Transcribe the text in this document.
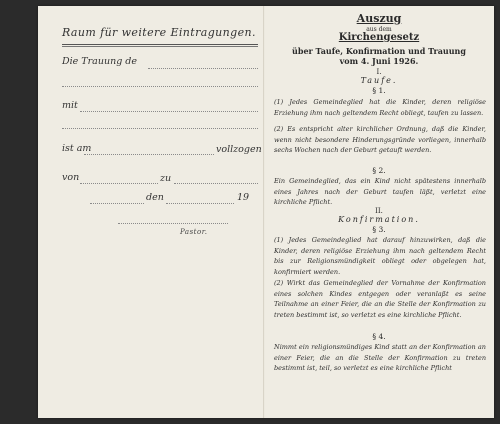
Raum für weitere Eintragungen.
Die Trauung de
mit
ist am	vollzogen
von	zu
den	19
Pastor.
Auszug
aus dem
Kirchengesetz
über Taufe, Konfirmation und Trauung
vom 4. Juni 1926.
I.
Taufe.
§ 1.
(1) Jedes Gemeindeglied hat die Kinder, deren religiöse Erziehung ihm nach geltendem Recht obliegt, taufen zu lassen.
(2) Es entspricht alter kirchlicher Ordnung, daß die Kinder, wenn nicht besondere Hinderungsgründe vorliegen, innerhalb sechs Wochen nach der Geburt getauft werden.
§ 2.
Ein Gemeindeglied, das ein Kind nicht spätestens innerhalb eines Jahres nach der Geburt taufen läßt, verletzt eine kirchliche Pflicht.
II.
Konfirmation.
§ 3.
(1) Jedes Gemeindeglied hat darauf hinzuwirken, daß die Kinder, deren religiöse Erziehung ihm nach geltendem Recht bis zur Religionsmündigkeit obliegt oder obgelegen hat, konfirmiert werden.
(2) Wirkt das Gemeindeglied der Vornahme der Konfirmation eines solchen Kindes entgegen oder veranlaßt es seine Teilnahme an einer Feier, die an die Stelle der Konfirmation zu treten bestimmt ist, so verletzt es eine kirchliche Pflicht.
§ 4.
Nimmt ein religionsmündiges Kind statt an der Konfirmation an einer Feier, die an die Stelle der Konfirmation zu treten bestimmt ist, teil, so verletzt es eine kirchliche Pflicht
